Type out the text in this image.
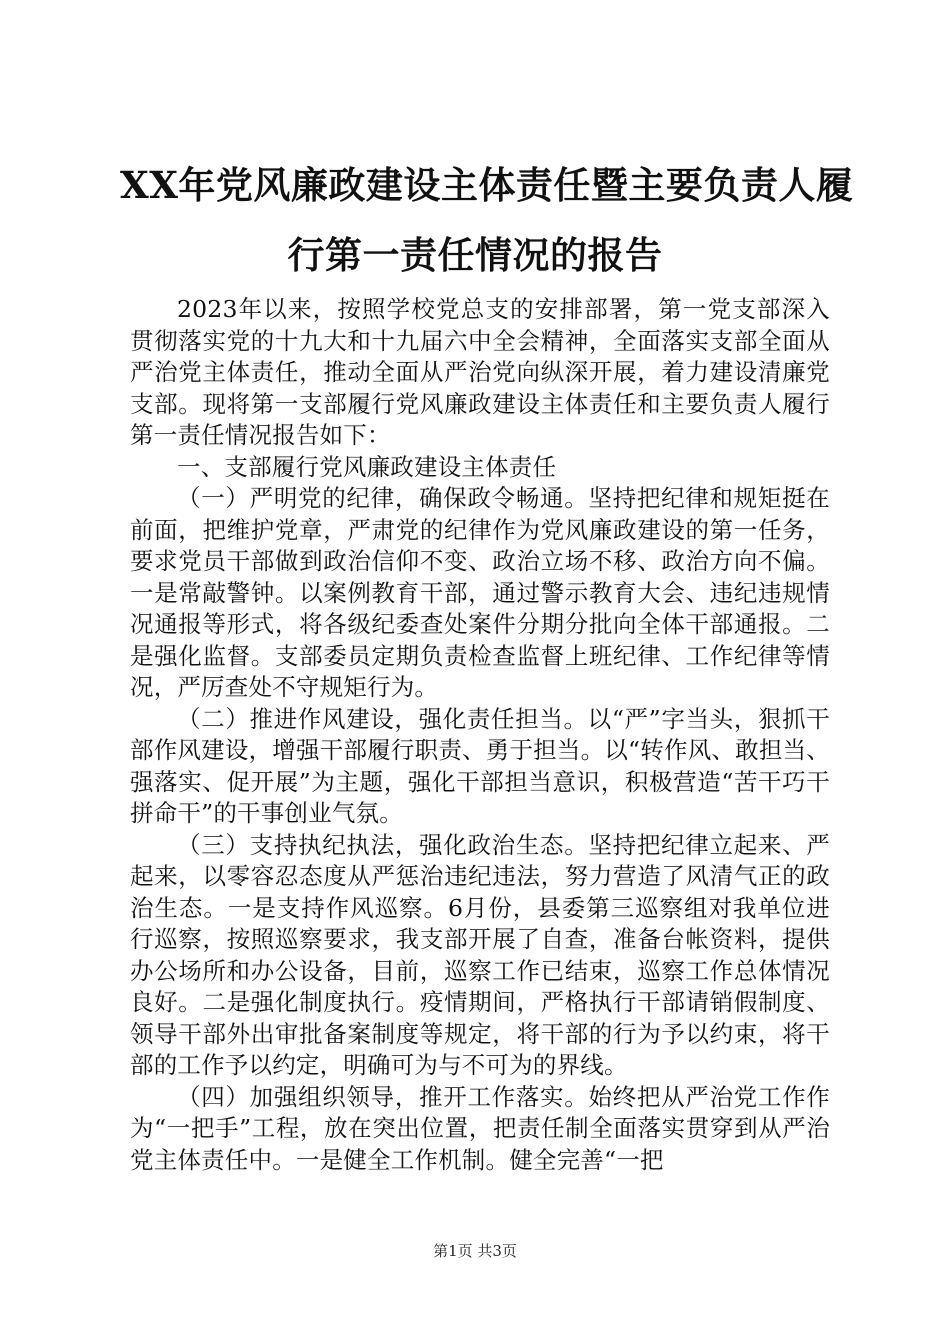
XX年党风廉政建设主体责任暨主要负责人履
行第一责任情况的报告

2023年以来，按照学校党总支的安排部署，第一党支部深入贯彻落实党的十九大和十九届六中全会精神，全面落实支部全面从严治党主体责任，推动全面从严治党向纵深开展，着力建设清廉党支部。现将第一支部履行党风廉政建设主体责任和主要负责人履行第一责任情况报告如下：

一、支部履行党风廉政建设主体责任

（一）严明党的纪律，确保政令畅通。坚持把纪律和规矩挺在前面，把维护党章，严肃党的纪律作为党风廉政建设的第一任务，要求党员干部做到政治信仰不变、政治立场不移、政治方向不偏。一是常敲警钟。以案例教育干部，通过警示教育大会、违纪违规情况通报等形式，将各级纪委查处案件分期分批向全体干部通报。二是强化监督。支部委员定期负责检查监督上班纪律、工作纪律等情况，严厉查处不守规矩行为。

（二）推进作风建设，强化责任担当。以“严”字当头，狠抓干部作风建设，增强干部履行职责、勇于担当。以“转作风、敢担当、强落实、促开展”为主题，强化干部担当意识，积极营造“苦干巧干拼命干”的干事创业气氛。

（三）支持执纪执法，强化政治生态。坚持把纪律立起来、严起来，以零容忍态度从严惩治违纪违法，努力营造了风清气正的政治生态。一是支持作风巡察。6月份，县委第三巡察组对我单位进行巡察，按照巡察要求，我支部开展了自查，准备台帐资料，提供办公场所和办公设备，目前，巡察工作已结束，巡察工作总体情况良好。二是强化制度执行。疫情期间，严格执行干部请销假制度、领导干部外出审批备案制度等规定，将干部的行为予以约束，将干部的工作予以约定，明确可为与不可为的界线。

（四）加强组织领导，推开工作落实。始终把从严治党工作作为“一把手”工程，放在突出位置，把责任制全面落实贯穿到从严治党主体责任中。一是健全工作机制。健全完善“一把

第1页 共3页
